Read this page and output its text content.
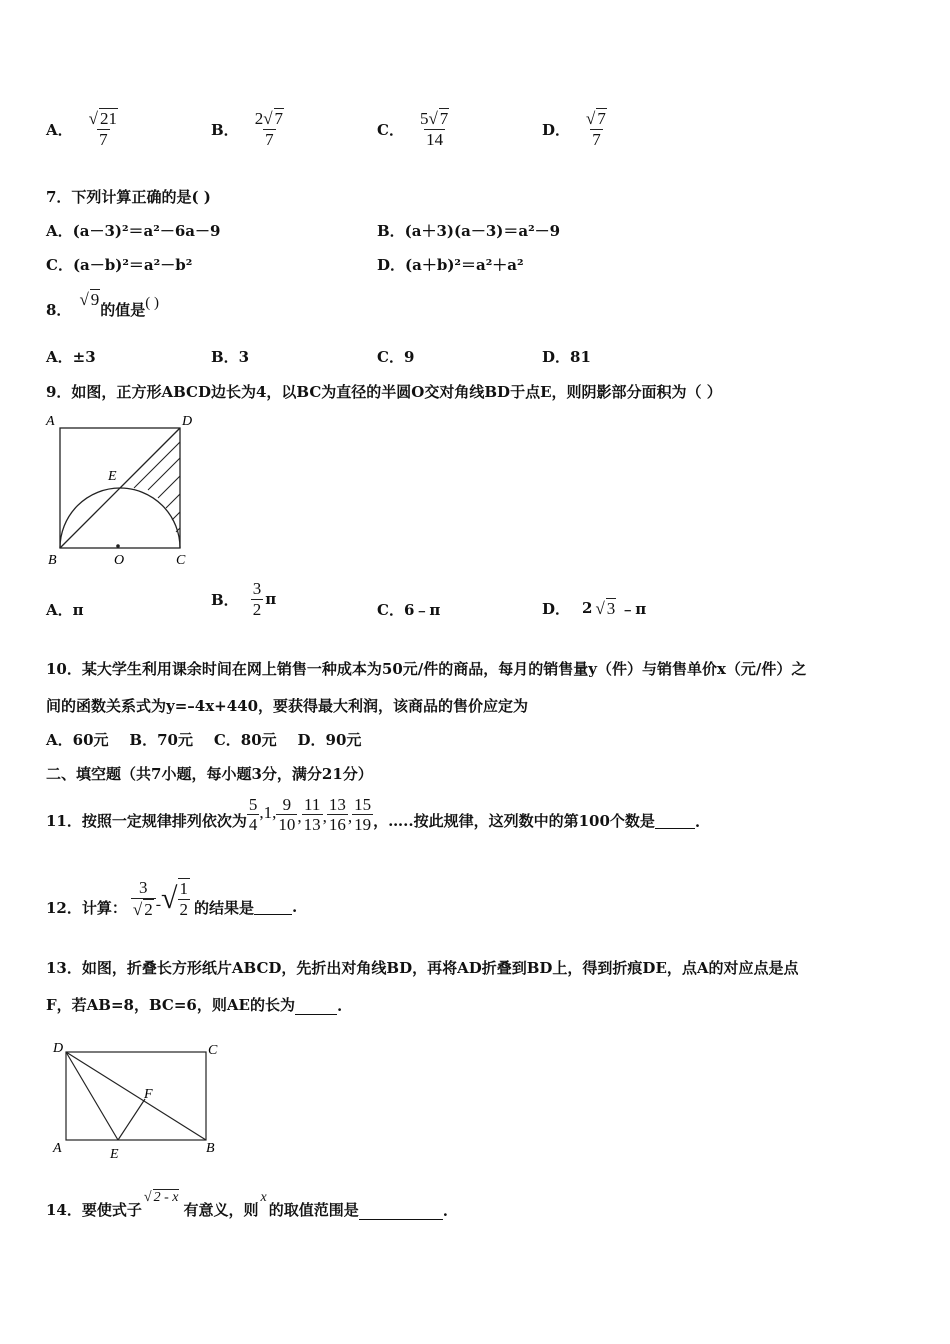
A． $\frac{√ 21}{7}$	B． $\frac{2√ 7}{7}$	C． $\frac{5√ 7}{14}$	D． $\frac{√ 7}{7}$
7．下列计算正确的是( )
A．(a－3)²＝a²－6a－9	B．(a＋3)(a－3)＝a²－9
C．(a－b)²＝a²－b²	D．(a＋b)²＝a²＋a²
8．
√ 9
的值是 ( )
A．±3	B．3	C．9	D．81
9．如图，正方形ABCD边长为4，以BC为直径的半圆O交对角线BD于点E，则阴影部分面积为（ ）
A	D
E
B	O	C
A．π
B． $\frac{3}{2}$ π
C．6﹣π	D． 2 √ 3 ﹣π
10．某大学生利用课余时间在网上销售一种成本为50元/件的商品，每月的销售量y（件）与销售单价x（元/件）之
间的函数关系式为y=–4x+440，要获得最大利润，该商品的售价应定为
A．60元    B．70元    C．80元    D．90元
二、填空题（共7小题，每小题3分，满分21分）
11．按照一定规律排列依次为 $\frac{5}{4} ,1$, $\frac{9}{10}$ , $\frac{11}{13}$ , $\frac{13}{16}$ , $\frac{15}{19}$ ，…..按此规律，这列数中的第100个数是	.
12．计算： $\frac{3}{√ 2}$ - √ $\frac{1}{2}$ 的结果是	.
13．如图，折叠长方形纸片ABCD，先折出对角线BD，再将AD折叠到BD上，得到折痕DE，点A的对应点是点
F，若AB=8，BC=6，则AE的长为	.
D	C
F
A	E	B
14．要使式子
√ 2 - x
有意义，则
x
的取值范围是	.
